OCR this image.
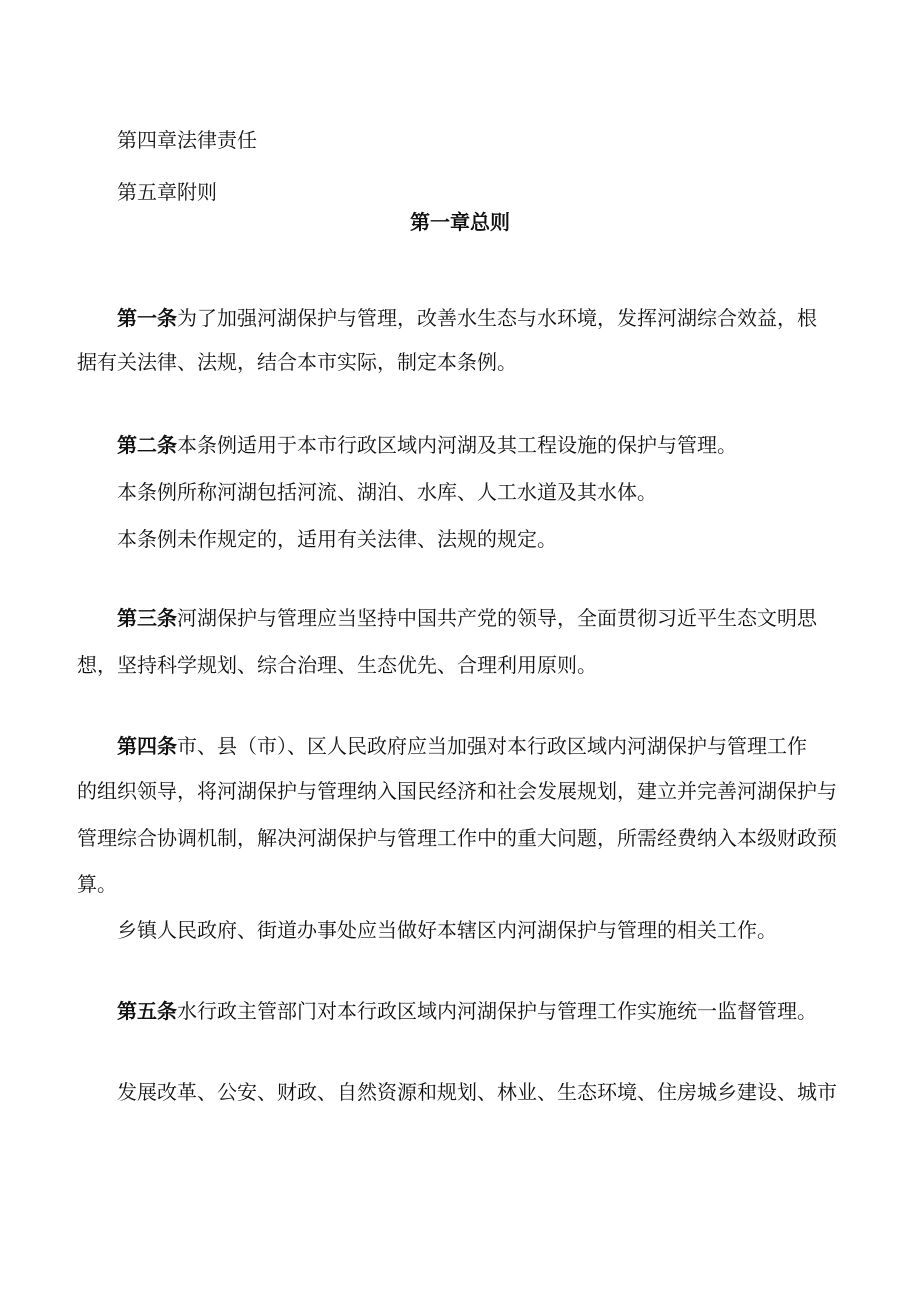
第四章法律责任

第五章附则

第一章总则

第一条为了加强河湖保护与管理，改善水生态与水环境，发挥河湖综合效益，根

据有关法律、法规，结合本市实际，制定本条例。

第二条本条例适用于本市行政区域内河湖及其工程设施的保护与管理。

本条例所称河湖包括河流、湖泊、水库、人工水道及其水体。

本条例未作规定的，适用有关法律、法规的规定。

第三条河湖保护与管理应当坚持中国共产党的领导，全面贯彻习近平生态文明思

想，坚持科学规划、综合治理、生态优先、合理利用原则。

第四条市、县（市）、区人民政府应当加强对本行政区域内河湖保护与管理工作

的组织领导，将河湖保护与管理纳入国民经济和社会发展规划，建立并完善河湖保护与

管理综合协调机制，解决河湖保护与管理工作中的重大问题，所需经费纳入本级财政预

算。

乡镇人民政府、街道办事处应当做好本辖区内河湖保护与管理的相关工作。

第五条水行政主管部门对本行政区域内河湖保护与管理工作实施统一监督管理。

发展改革、公安、财政、自然资源和规划、林业、生态环境、住房城乡建设、城市
